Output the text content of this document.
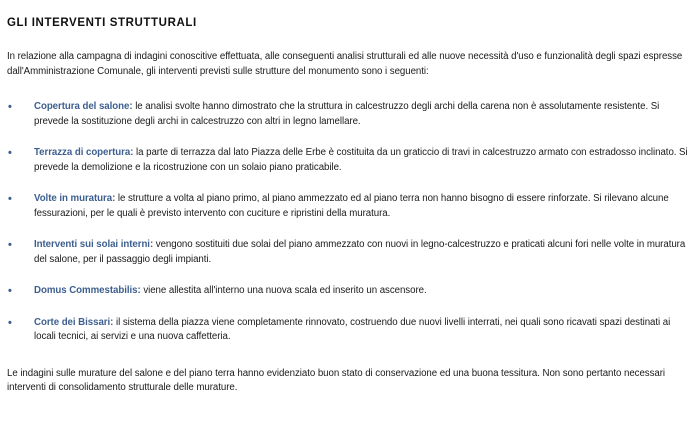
GLI INTERVENTI STRUTTURALI

In relazione alla campagna di indagini conoscitive effettuata, alle conseguenti analisi strutturali ed alle nuove necessità d'uso e funzionalità degli spazi espresse dall'Amministrazione Comunale, gli interventi previsti sulle strutture del monumento sono i seguenti:

• Copertura del salone: le analisi svolte hanno dimostrato che la struttura in calcestruzzo degli archi della carena non è assolutamente resistente. Si prevede la sostituzione degli archi in calcestruzzo con altri in legno lamellare.
• Terrazza di copertura: la parte di terrazza dal lato Piazza delle Erbe è costituita da un graticcio di travi in calcestruzzo armato con estradosso inclinato. Si prevede la demolizione e la ricostruzione con un solaio piano praticabile.
• Volte in muratura: le strutture a volta al piano primo, al piano ammezzato ed al piano terra non hanno bisogno di essere rinforzate. Si rilevano alcune fessurazioni, per le quali è previsto intervento con cuciture e ripristini della muratura.
• Interventi sui solai interni: vengono sostituiti due solai del piano ammezzato con nuovi in legno-calcestruzzo e praticati alcuni fori nelle volte in muratura del salone, per il passaggio degli impianti.
• Domus Commestabilis: viene allestita all'interno una nuova scala ed inserito un ascensore.
• Corte dei Bissari: il sistema della piazza viene completamente rinnovato, costruendo due nuovi livelli interrati, nei quali sono ricavati spazi destinati ai locali tecnici, ai servizi e una nuova caffetteria.

Le indagini sulle murature del salone e del piano terra hanno evidenziato buon stato di conservazione ed una buona tessitura. Non sono pertanto necessari interventi di consolidamento strutturale delle murature.
